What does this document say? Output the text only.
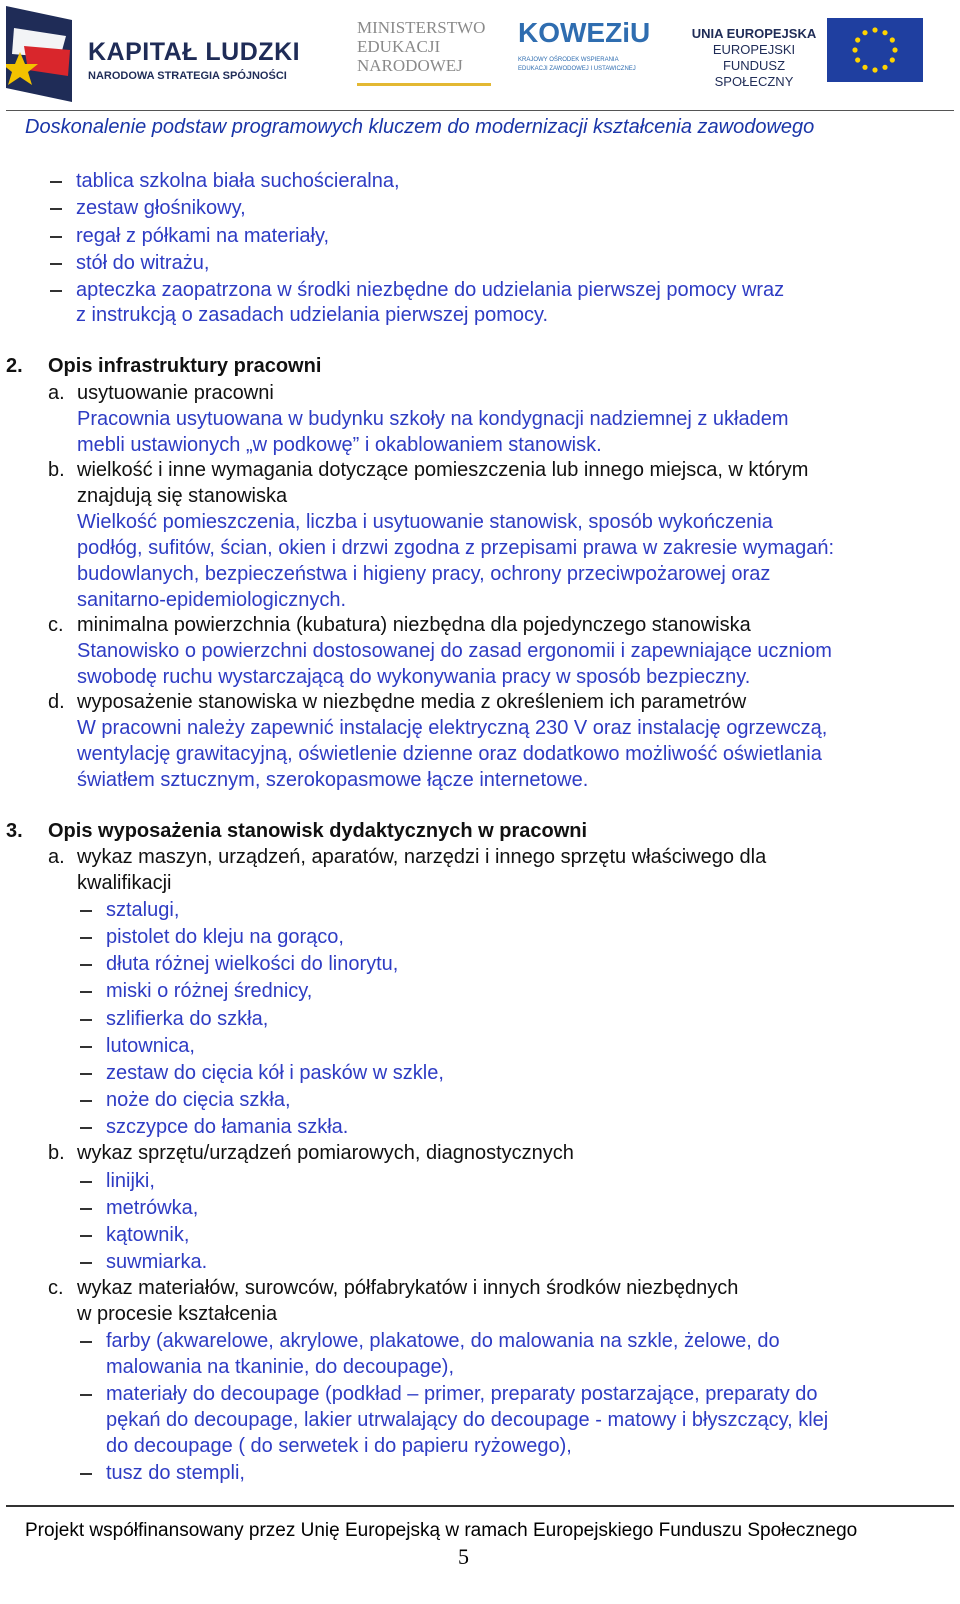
KAPITAŁ LUDZKI
NARODOWA STRATEGIA SPÓJNOŚCI
MINISTERSTWO
EDUKACJI
NARODOWEJ
KOWEZiU
KRAJOWY OŚRODEK WSPIERANIA
EDUKACJI ZAWODOWEJ I USTAWICZNEJ
UNIA EUROPEJSKA
EUROPEJSKI
FUNDUSZ SPOŁECZNY
Doskonalenie podstaw programowych kluczem do modernizacji kształcenia zawodowego
tablica szkolna biała suchościeralna,
zestaw głośnikowy,
regał z półkami na materiały,
stół do witrażu,
apteczka zaopatrzona w środki niezbędne do udzielania pierwszej pomocy wraz
z instrukcją o zasadach udzielania pierwszej pomocy.
2. Opis infrastruktury pracowni
a. usytuowanie pracowni
Pracownia usytuowana w budynku szkoły na kondygnacji nadziemnej z układem
mebli ustawionych „w podkowę” i okablowaniem stanowisk.
b. wielkość i inne wymagania dotyczące pomieszczenia lub innego miejsca, w którym
znajdują się stanowiska
Wielkość pomieszczenia, liczba i usytuowanie stanowisk, sposób wykończenia
podłóg, sufitów, ścian, okien i drzwi zgodna z przepisami prawa w zakresie wymagań:
budowlanych, bezpieczeństwa i higieny pracy, ochrony przeciwpożarowej oraz
sanitarno-epidemiologicznych.
c. minimalna powierzchnia (kubatura) niezbędna dla pojedynczego stanowiska
Stanowisko o powierzchni dostosowanej do zasad ergonomii i zapewniające uczniom
swobodę ruchu wystarczającą do wykonywania pracy w sposób bezpieczny.
d. wyposażenie stanowiska w niezbędne media z określeniem ich parametrów
W pracowni należy zapewnić instalację elektryczną 230 V oraz instalację ogrzewczą,
wentylację grawitacyjną, oświetlenie dzienne oraz dodatkowo możliwość oświetlania
światłem sztucznym, szerokopasmowe łącze internetowe.
3. Opis wyposażenia stanowisk dydaktycznych w pracowni
a. wykaz maszyn, urządzeń, aparatów, narzędzi i innego sprzętu właściwego dla
kwalifikacji
sztalugi,
pistolet do kleju na gorąco,
dłuta różnej wielkości do linorytu,
miski o różnej średnicy,
szlifierka do szkła,
lutownica,
zestaw do cięcia kół i pasków w szkle,
noże do cięcia szkła,
szczypce do łamania szkła.
b. wykaz sprzętu/urządzeń pomiarowych, diagnostycznych
linijki,
metrówka,
kątownik,
suwmiarka.
c. wykaz materiałów, surowców, półfabrykatów i innych środków niezbędnych
w procesie kształcenia
farby (akwarelowe, akrylowe, plakatowe, do malowania na szkle, żelowe, do
malowania na tkaninie, do decoupage),
materiały do decoupage (podkład – primer, preparaty postarzające, preparaty do
pękań do decoupage, lakier utrwalający do decoupage - matowy i błyszczący, klej
do decoupage ( do serwetek i do papieru ryżowego),
tusz do stempli,
Projekt współfinansowany przez Unię Europejską w ramach Europejskiego Funduszu Społecznego
5
